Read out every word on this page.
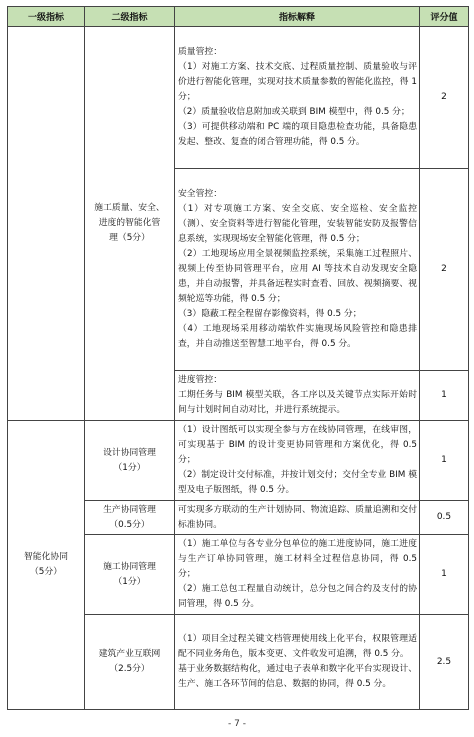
一级指标	二级指标	指标解释	评分值

	施工质量、安全、
进度的智能化管
理（5分）	质量管控：
（1）对施工方案、技术交底、过程质量控制、质量验收与评价进行智能化管理，实现对技术质量参数的智能化监控，得 1 分；
（2）质量验收信息附加或关联到 BIM 模型中，得 0.5 分；
（3）可提供移动端和 PC 端的项目隐患检查功能，具备隐患发起、整改、复查的闭合管理功能，得 0.5 分。	2

		安全管控：
（1）对专项施工方案、安全交底、安全巡检、安全监控（测）、安全资料等进行智能化管理，安装智能安防及报警信息系统，实现现场安全智能化管理，得 0.5 分；
（2）工地现场应用全景视频监控系统，采集施工过程照片、视频上传至协同管理平台，应用 AI 等技术自动发现安全隐患，并自动报警，并具备远程实时查看、回放、视频摘要、视频轮巡等功能，得 0.5 分；
（3）隐蔽工程全程留存影像资料，得 0.5 分；
（4）工地现场采用移动端软件实施现场风险管控和隐患排查，并自动推送至智慧工地平台，得 0.5 分。	2

		进度管控：
工期任务与 BIM 模型关联，各工序以及关键节点实际开始时间与计划时间自动对比，并进行系统提示。	1

智能化协同
（5分）	设计协同管理
（1分）	（1）设计图纸可以实现全参与方在线协同管理，在线审图，可实现基于 BIM 的设计变更协同管理和方案优化，得 0.5 分；
（2）制定设计交付标准，并按计划交付；交付全专业 BIM 模型及电子版图纸，得 0.5 分。	1

	生产协同管理
（0.5分）	可实现多方联动的生产计划协同、物流追踪、质量追溯和交付标准协同。	0.5

	施工协同管理
（1分）	（1）施工单位与各专业分包单位的施工进度协同，施工进度与生产订单协同管理，施工材料全过程信息协同，得 0.5 分；
（2）施工总包工程量自动统计，总分包之间合约及支付的协同管理，得 0.5 分。	1

	建筑产业互联网
（2.5分）	（1）项目全过程关键文档管理使用线上化平台，权限管理适配不同业务角色，版本变更、文件收发可追溯，得 0.5 分。
基于业务数据结构化，通过电子表单和数字化平台实现设计、生产、施工各环节间的信息、数据的协同，得 0.5 分。	2.5
- 7 -
